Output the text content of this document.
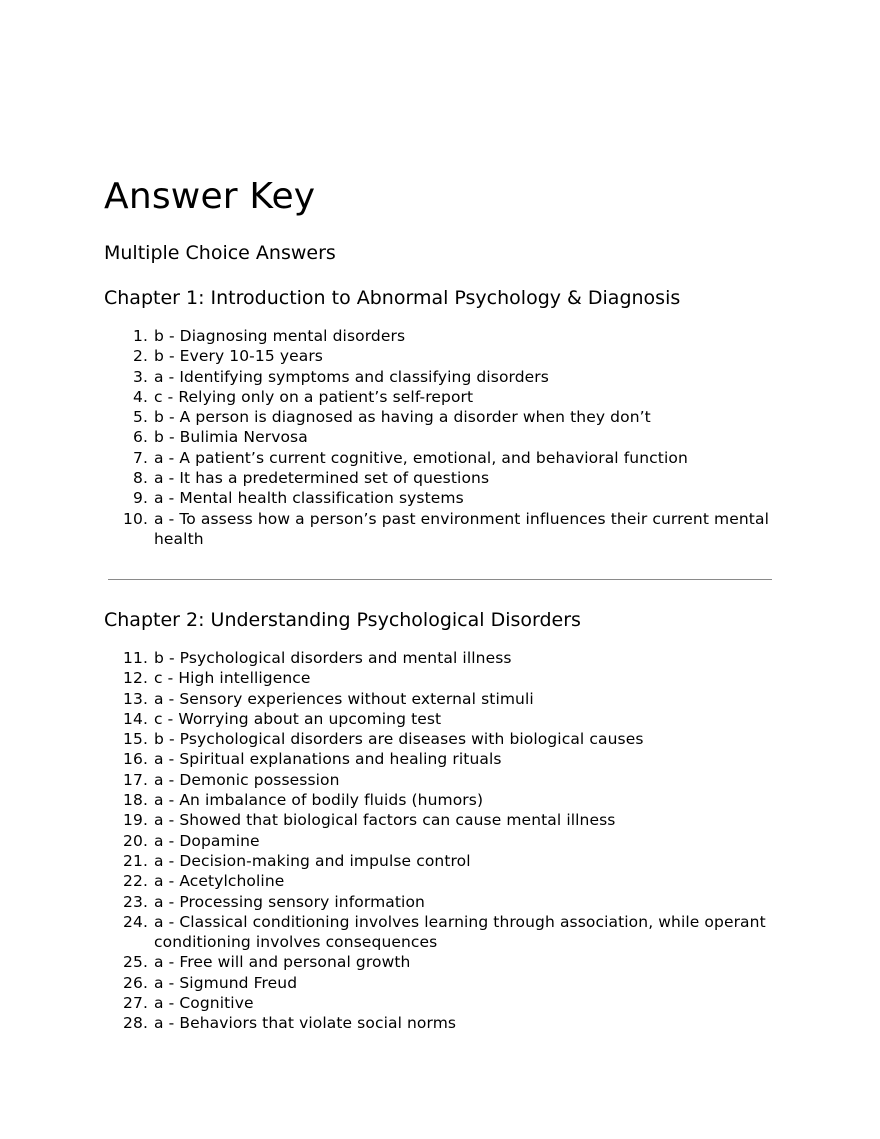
Answer Key
Multiple Choice Answers
Chapter 1: Introduction to Abnormal Psychology & Diagnosis
1. b - Diagnosing mental disorders
2. b - Every 10-15 years
3. a - Identifying symptoms and classifying disorders
4. c - Relying only on a patient’s self-report
5. b - A person is diagnosed as having a disorder when they don’t
6. b - Bulimia Nervosa
7. a - A patient’s current cognitive, emotional, and behavioral function
8. a - It has a predetermined set of questions
9. a - Mental health classification systems
10. a - To assess how a person’s past environment influences their current mental health
Chapter 2: Understanding Psychological Disorders
11. b - Psychological disorders and mental illness
12. c - High intelligence
13. a - Sensory experiences without external stimuli
14. c - Worrying about an upcoming test
15. b - Psychological disorders are diseases with biological causes
16. a - Spiritual explanations and healing rituals
17. a - Demonic possession
18. a - An imbalance of bodily fluids (humors)
19. a - Showed that biological factors can cause mental illness
20. a - Dopamine
21. a - Decision-making and impulse control
22. a - Acetylcholine
23. a - Processing sensory information
24. a - Classical conditioning involves learning through association, while operant conditioning involves consequences
25. a - Free will and personal growth
26. a - Sigmund Freud
27. a - Cognitive
28. a - Behaviors that violate social norms
